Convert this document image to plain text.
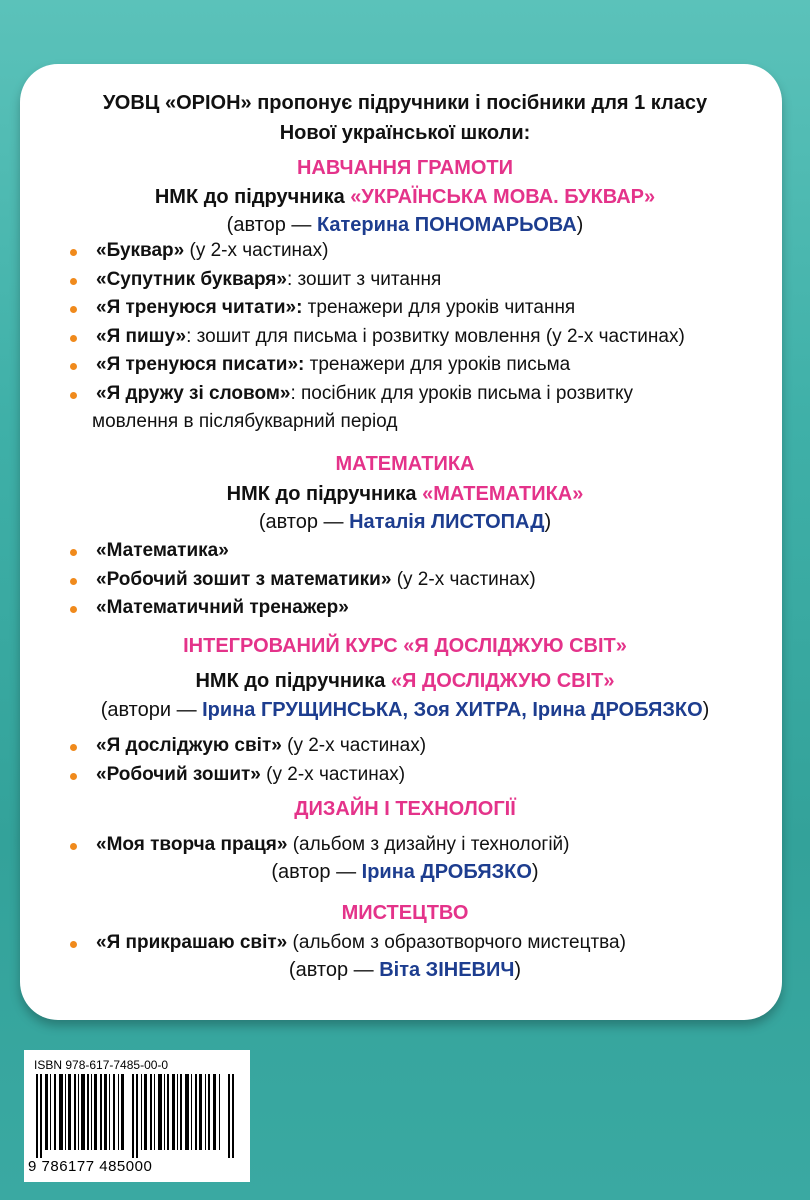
УОВЦ «ОРІОН» пропонує підручники і посібники для 1 класу
Нової української школи:
НАВЧАННЯ ГРАМОТИ
НМК до підручника «УКРАЇНСЬКА МОВА. БУКВАР»
(автор — Катерина ПОНОМАРЬОВА)
«Буквар» (у 2-х частинах)
«Супутник букваря»: зошит з читання
«Я тренуюся читати»: тренажери для уроків читання
«Я пишу»: зошит для письма і розвитку мовлення (у 2-х частинах)
«Я тренуюся писати»: тренажери для уроків письма
«Я дружу зі словом»: посібник для уроків письма і розвитку
мовлення в післябукварний період
МАТЕМАТИКА
НМК до підручника «МАТЕМАТИКА»
(автор — Наталія ЛИСТОПАД)
«Математика»
«Робочий зошит з математики» (у 2-х частинах)
«Математичний тренажер»
ІНТЕГРОВАНИЙ КУРС «Я ДОСЛІДЖУЮ СВІТ»
НМК до підручника «Я ДОСЛІДЖУЮ СВІТ»
(автори — Ірина ГРУЩИНСЬКА, Зоя ХИТРА, Ірина ДРОБЯЗКО)
«Я досліджую світ» (у 2-х частинах)
«Робочий зошит» (у 2-х частинах)
ДИЗАЙН І ТЕХНОЛОГІЇ
«Моя творча праця» (альбом з дизайну і технологій)
(автор — Ірина ДРОБЯЗКО)
МИСТЕЦТВО
«Я прикрашаю світ» (альбом з образотворчого мистецтва)
(автор — Віта ЗІНЕВИЧ)
ISBN 978-617-7485-00-0
9 786177 485000
